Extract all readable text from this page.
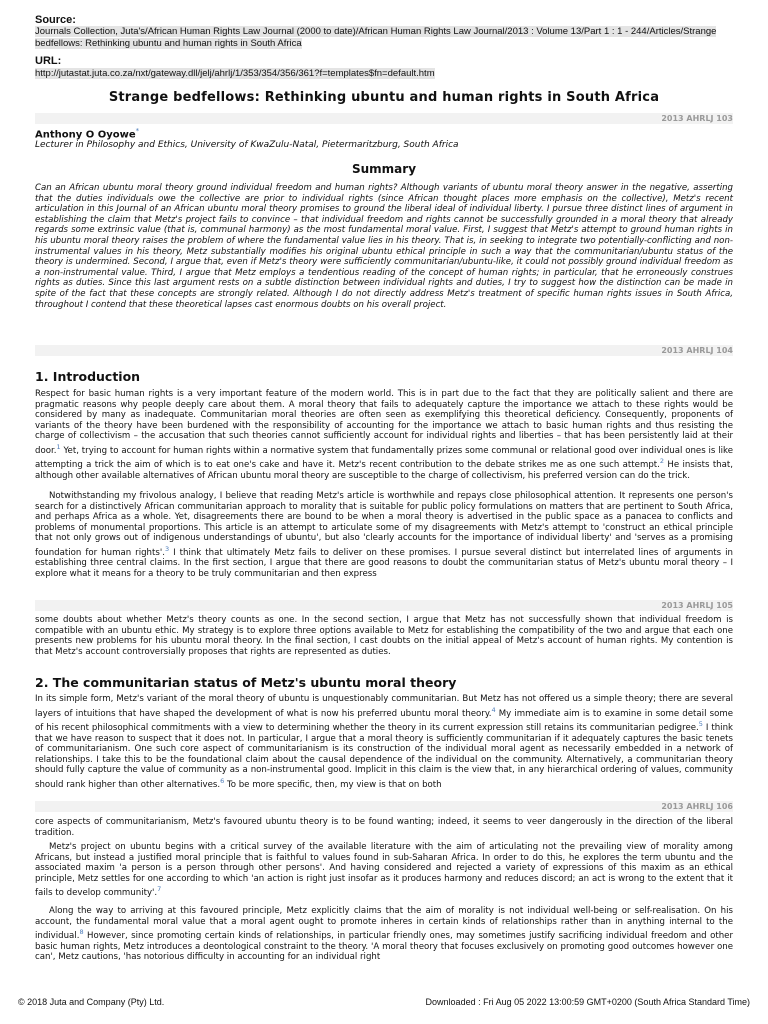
Source:
Journals Collection, Juta's/African Human Rights Law Journal (2000 to date)/African Human Rights Law Journal/2013 : Volume 13/Part 1 : 1 - 244/Articles/Strange bedfellows: Rethinking ubuntu and human rights in South Africa
URL:
http://jutastat.juta.co.za/nxt/gateway.dll/jelj/ahrlj/1/353/354/356/361?f=templates$fn=default.htm
Strange bedfellows: Rethinking ubuntu and human rights in South Africa
2013 AHRLJ 103
Anthony O Oyowe*
Lecturer in Philosophy and Ethics, University of KwaZulu-Natal, Pietermaritzburg, South Africa
Summary
Can an African ubuntu moral theory ground individual freedom and human rights? Although variants of ubuntu moral theory answer in the negative, asserting that the duties individuals owe the collective are prior to individual rights (since African thought places more emphasis on the collective), Metz's recent articulation in this Journal of an African ubuntu moral theory promises to ground the liberal ideal of individual liberty. I pursue three distinct lines of argument in establishing the claim that Metz's project fails to convince – that individual freedom and rights cannot be successfully grounded in a moral theory that already regards some extrinsic value (that is, communal harmony) as the most fundamental moral value. First, I suggest that Metz's attempt to ground human rights in his ubuntu moral theory raises the problem of where the fundamental value lies in his theory. That is, in seeking to integrate two potentially-conflicting and non-instrumental values in his theory, Metz substantially modifies his original ubuntu ethical principle in such a way that the communitarian/ubuntu status of the theory is undermined. Second, I argue that, even if Metz's theory were sufficiently communitarian/ubuntu-like, it could not possibly ground individual freedom as a non-instrumental value. Third, I argue that Metz employs a tendentious reading of the concept of human rights; in particular, that he erroneously construes rights as duties. Since this last argument rests on a subtle distinction between individual rights and duties, I try to suggest how the distinction can be made in spite of the fact that these concepts are strongly related. Although I do not directly address Metz's treatment of specific human rights issues in South Africa, throughout I contend that these theoretical lapses cast enormous doubts on his overall project.
2013 AHRLJ 104
1. Introduction
Respect for basic human rights is a very important feature of the modern world. This is in part due to the fact that they are politically salient and there are pragmatic reasons why people deeply care about them. A moral theory that fails to adequately capture the importance we attach to these rights would be considered by many as inadequate. Communitarian moral theories are often seen as exemplifying this theoretical deficiency. Consequently, proponents of variants of the theory have been burdened with the responsibility of accounting for the importance we attach to basic human rights and thus resisting the charge of collectivism – the accusation that such theories cannot sufficiently account for individual rights and liberties – that has been persistently laid at their door.$^1$ Yet, trying to account for human rights within a normative system that fundamentally prizes some communal or relational good over individual ones is like attempting a trick the aim of which is to eat one's cake and have it. Metz's recent contribution to the debate strikes me as one such attempt.$^2$ He insists that, although other available alternatives of African ubuntu moral theory are susceptible to the charge of collectivism, his preferred version can do the trick.
Notwithstanding my frivolous analogy, I believe that reading Metz's article is worthwhile and repays close philosophical attention. It represents one person's search for a distinctively African communitarian approach to morality that is suitable for public policy formulations on matters that are pertinent to South Africa, and perhaps Africa as a whole. Yet, disagreements there are bound to be when a moral theory is advertised in the public space as a panacea to conflicts and problems of monumental proportions. This article is an attempt to articulate some of my disagreements with Metz's attempt to 'construct an ethical principle that not only grows out of indigenous understandings of ubuntu', but also 'clearly accounts for the importance of individual liberty' and 'serves as a promising foundation for human rights'.$^3$ I think that ultimately Metz fails to deliver on these promises. I pursue several distinct but interrelated lines of arguments in establishing three central claims. In the first section, I argue that there are good reasons to doubt the communitarian status of Metz's ubuntu moral theory – I explore what it means for a theory to be truly communitarian and then express
2013 AHRLJ 105
some doubts about whether Metz's theory counts as one. In the second section, I argue that Metz has not successfully shown that individual freedom is compatible with an ubuntu ethic. My strategy is to explore three options available to Metz for establishing the compatibility of the two and argue that each one presents new problems for his ubuntu moral theory. In the final section, I cast doubts on the initial appeal of Metz's account of human rights. My contention is that Metz's account controversially proposes that rights are represented as duties.
2. The communitarian status of Metz's ubuntu moral theory
In its simple form, Metz's variant of the moral theory of ubuntu is unquestionably communitarian. But Metz has not offered us a simple theory; there are several layers of intuitions that have shaped the development of what is now his preferred ubuntu moral theory.$^4$ My immediate aim is to examine in some detail some of his recent philosophical commitments with a view to determining whether the theory in its current expression still retains its communitarian pedigree.$^5$ I think that we have reason to suspect that it does not. In particular, I argue that a moral theory is sufficiently communitarian if it adequately captures the basic tenets of communitarianism. One such core aspect of communitarianism is its construction of the individual moral agent as necessarily embedded in a network of relationships. I take this to be the foundational claim about the causal dependence of the individual on the community. Alternatively, a communitarian theory should fully capture the value of community as a non-instrumental good. Implicit in this claim is the view that, in any hierarchical ordering of values, community should rank higher than other alternatives.$^6$ To be more specific, then, my view is that on both
2013 AHRLJ 106
core aspects of communitarianism, Metz's favoured ubuntu theory is to be found wanting; indeed, it seems to veer dangerously in the direction of the liberal tradition.
Metz's project on ubuntu begins with a critical survey of the available literature with the aim of articulating not the prevailing view of morality among Africans, but instead a justified moral principle that is faithful to values found in sub-Saharan Africa. In order to do this, he explores the term ubuntu and the associated maxim 'a person is a person through other persons'. And having considered and rejected a variety of expressions of this maxim as an ethical principle, Metz settles for one according to which 'an action is right just insofar as it produces harmony and reduces discord; an act is wrong to the extent that it fails to develop community'.$^7$
Along the way to arriving at this favoured principle, Metz explicitly claims that the aim of morality is not individual well-being or self-realisation. On his account, the fundamental moral value that a moral agent ought to promote inheres in certain kinds of relationships rather than in anything internal to the individual.$^8$ However, since promoting certain kinds of relationships, in particular friendly ones, may sometimes justify sacrificing individual freedom and other basic human rights, Metz introduces a deontological constraint to the theory. 'A moral theory that focuses exclusively on promoting good outcomes however one can', Metz cautions, 'has notorious difficulty in accounting for an individual right
© 2018 Juta and Company (Pty) Ltd.	Downloaded : Fri Aug 05 2022 13:00:59 GMT+0200 (South Africa Standard Time)
